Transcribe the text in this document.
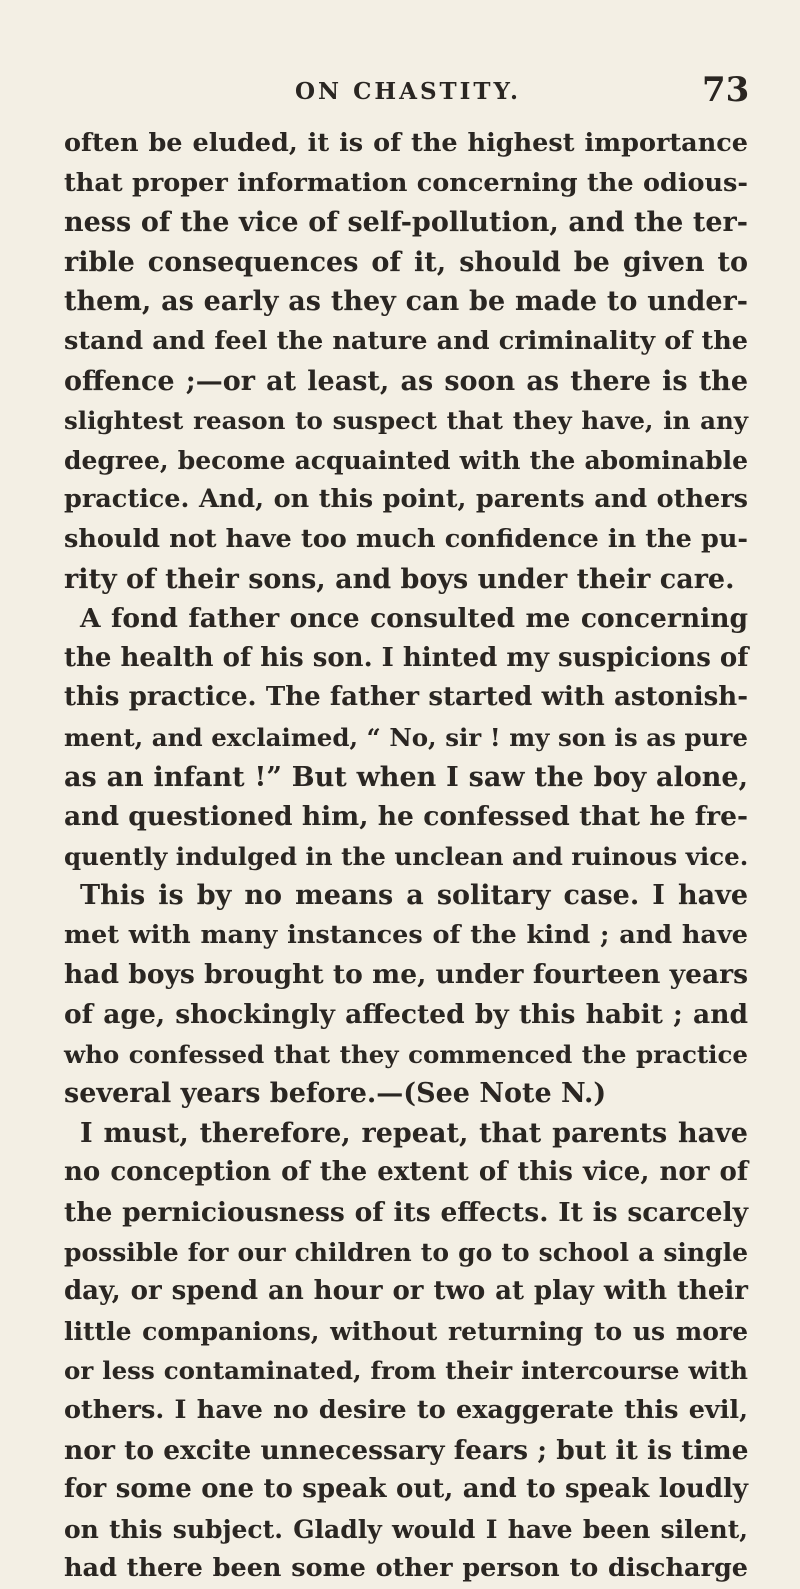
ON CHASTITY.	73
often be eluded, it is of the highest importance
that proper information concerning the odious-
ness of the vice of self-pollution, and the ter-
rible consequences of it, should be given to
them, as early as they can be made to under-
stand and feel the nature and criminality of the
offence ;—or at least, as soon as there is the
slightest reason to suspect that they have, in any
degree, become acquainted with the abominable
practice. And, on this point, parents and others
should not have too much confidence in the pu-
rity of their sons, and boys under their care.
A fond father once consulted me concerning
the health of his son. I hinted my suspicions of
this practice. The father started with astonish-
ment, and exclaimed, “ No, sir ! my son is as pure
as an infant !” But when I saw the boy alone,
and questioned him, he confessed that he fre-
quently indulged in the unclean and ruinous vice.
This is by no means a solitary case. I have
met with many instances of the kind ; and have
had boys brought to me, under fourteen years
of age, shockingly affected by this habit ; and
who confessed that they commenced the practice
several years before.—(See Note N.)
I must, therefore, repeat, that parents have
no conception of the extent of this vice, nor of
the perniciousness of its effects. It is scarcely
possible for our children to go to school a single
day, or spend an hour or two at play with their
little companions, without returning to us more
or less contaminated, from their intercourse with
others. I have no desire to exaggerate this evil,
nor to excite unnecessary fears ; but it is time
for some one to speak out, and to speak loudly
on this subject. Gladly would I have been silent,
had there been some other person to discharge
